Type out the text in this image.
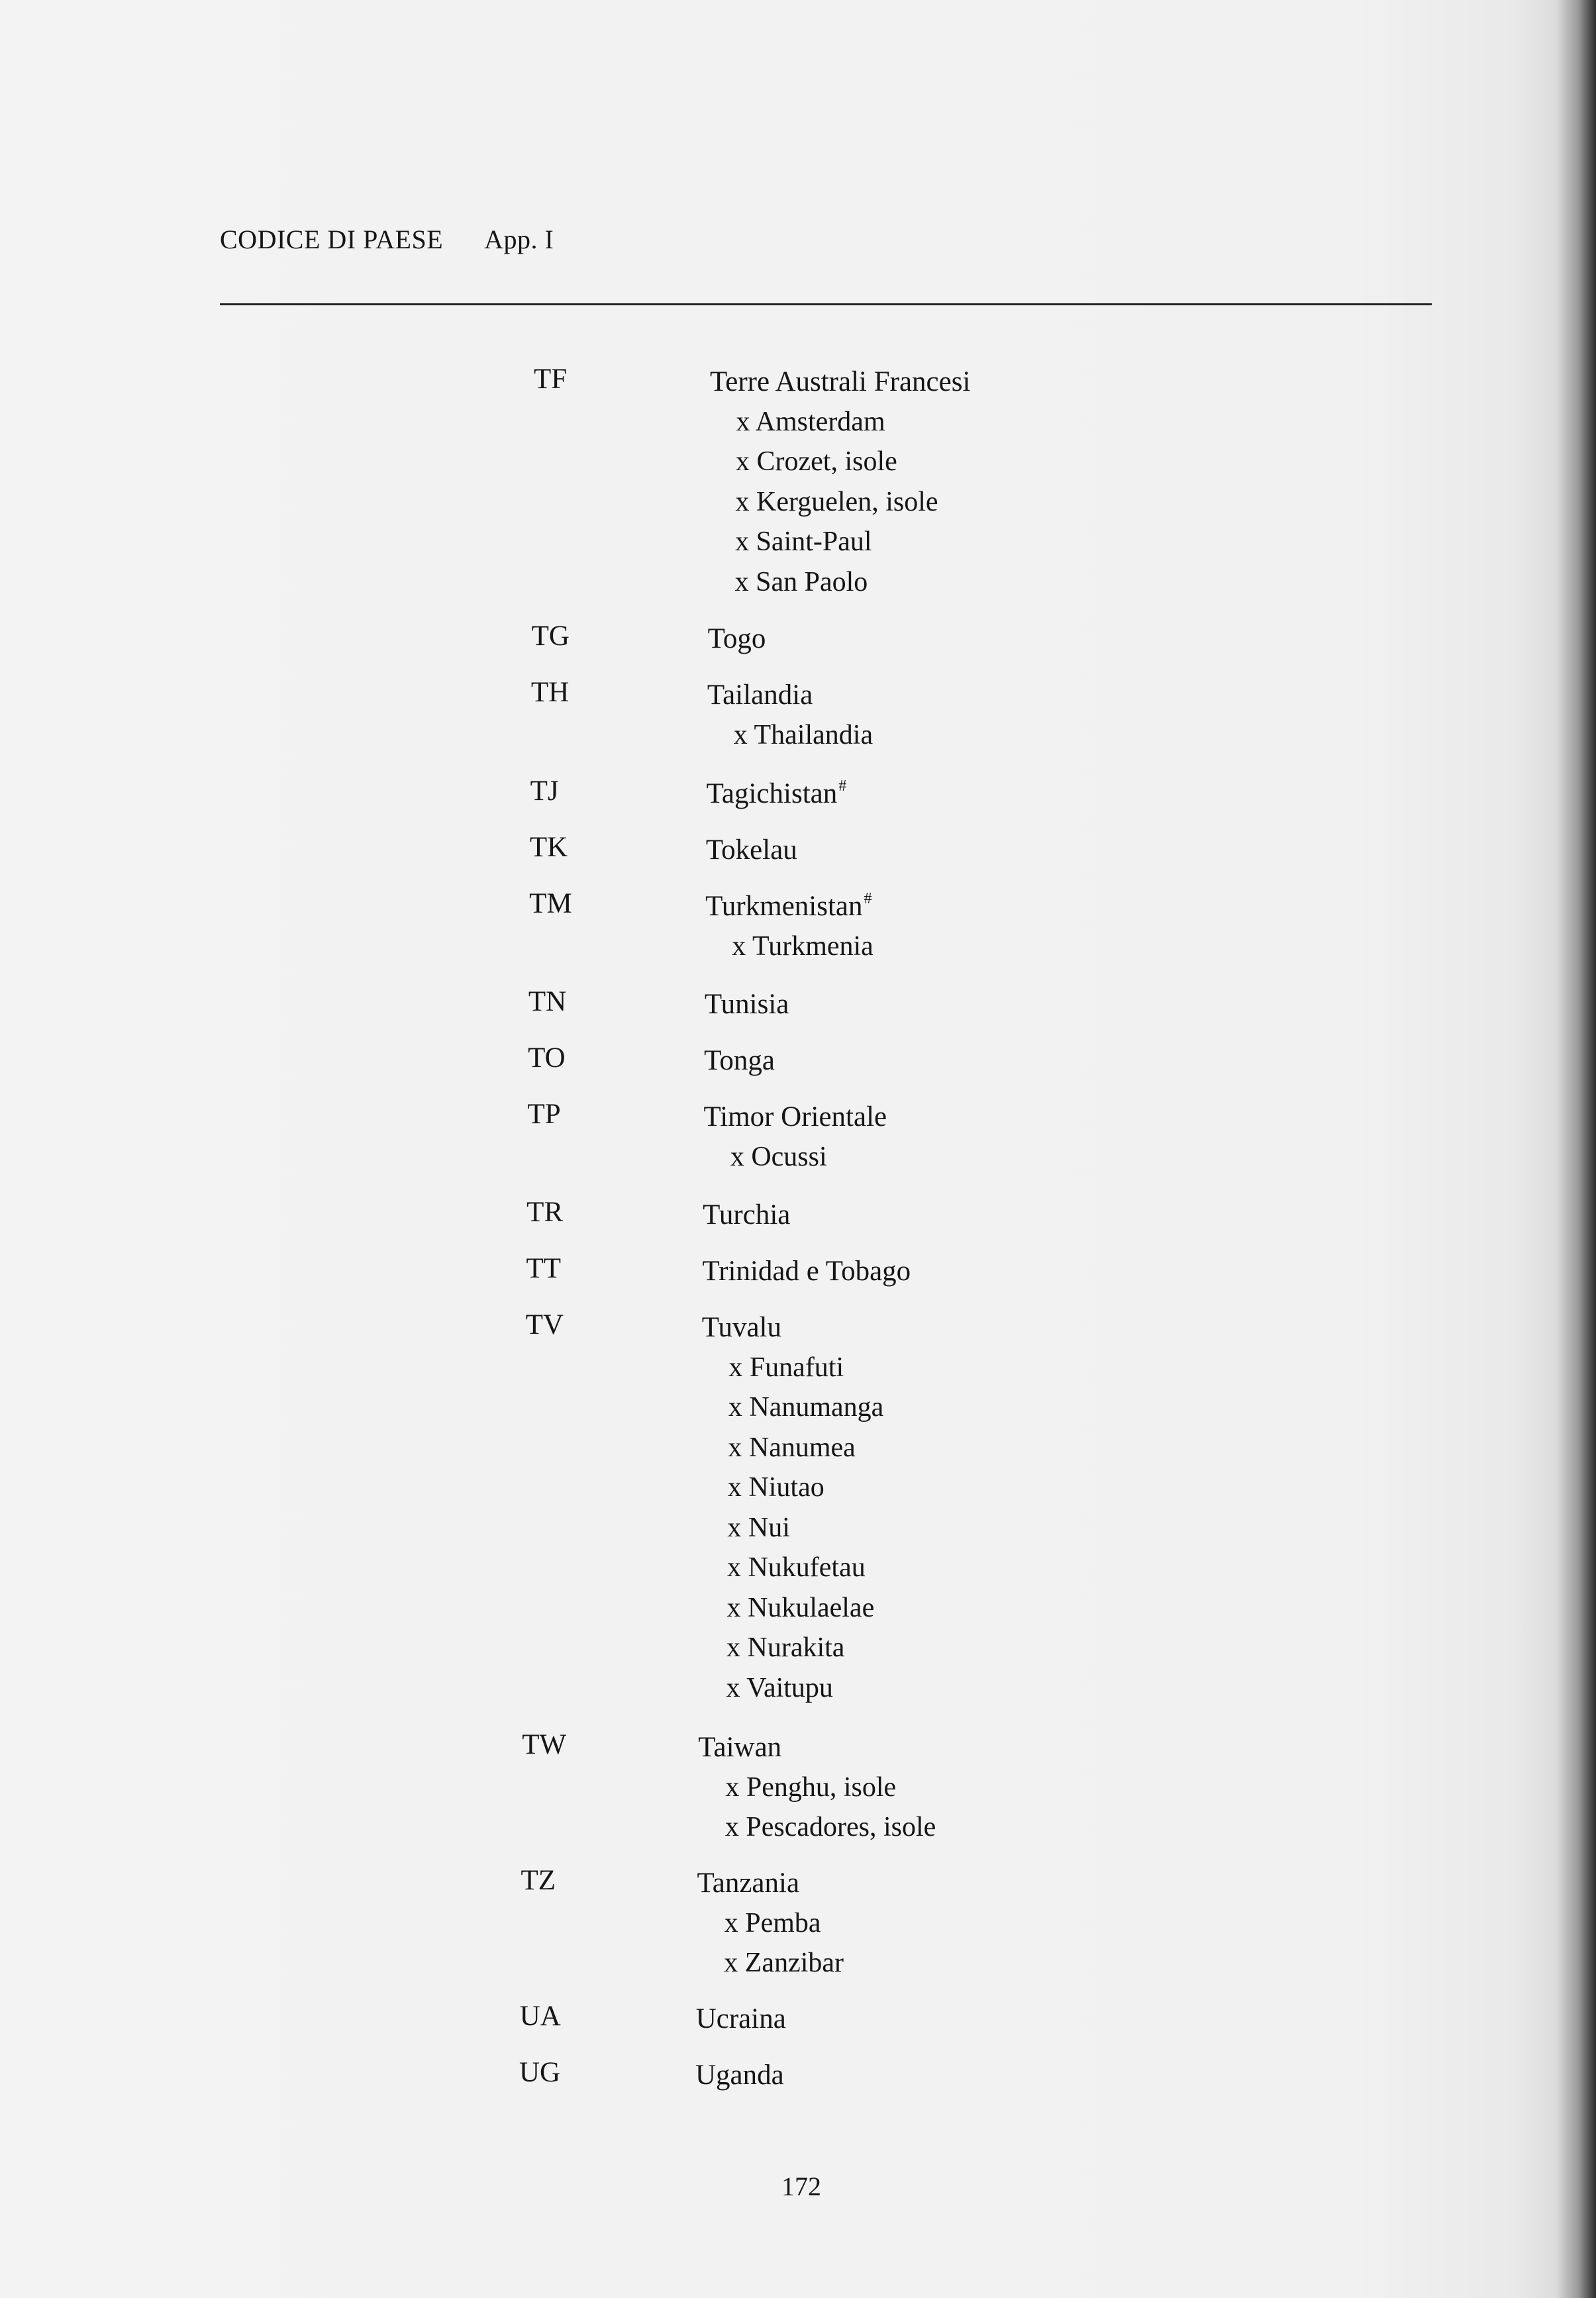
CODICE DI PAESE App. I
TF	Terre Australi Francesi
x Amsterdam
x Crozet, isole
x Kerguelen, isole
x Saint-Paul
x San Paolo
TG	Togo
TH	Tailandia
x Thailandia
TJ	Tagichistan#
TK	Tokelau
TM	Turkmenistan#
x Turkmenia
TN	Tunisia
TO	Tonga
TP	Timor Orientale
x Ocussi
TR	Turchia
TT	Trinidad e Tobago
TV	Tuvalu
x Funafuti
x Nanumanga
x Nanumea
x Niutao
x Nui
x Nukufetau
x Nukulaelae
x Nurakita
x Vaitupu
TW	Taiwan
x Penghu, isole
x Pescadores, isole
TZ	Tanzania
x Pemba
x Zanzibar
UA	Ucraina
UG	Uganda
172
